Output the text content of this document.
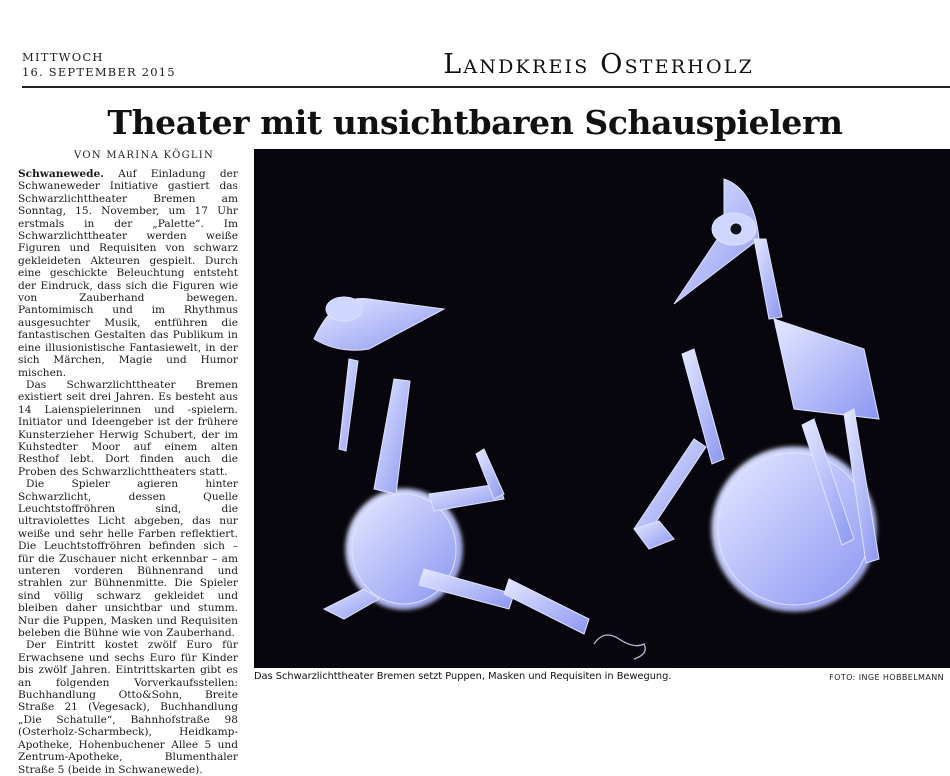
MITTWOCH
16. SEPTEMBER 2015	Landkreis Osterholz
Theater mit unsichtbaren Schauspielern
VON MARINA KÖGLIN

Schwanewede. Auf Einladung der Schwaneweder Initiative gastiert das Schwarzlichttheater Bremen am Sonntag, 15. November, um 17 Uhr erstmals in der „Palette“. Im Schwarzlichttheater werden weiße Figuren und Requisiten von schwarz gekleideten Akteuren gespielt. Durch eine geschickte Beleuchtung entsteht der Eindruck, dass sich die Figuren wie von Zauberhand bewegen. Pantomimisch und im Rhythmus ausgesuchter Musik, entführen die fantastischen Gestalten das Publikum in eine illusionistische Fantasiewelt, in der sich Märchen, Magie und Humor mischen.

Das Schwarzlichttheater Bremen existiert seit drei Jahren. Es besteht aus 14 Laienspielerinnen und -spielern. Initiator und Ideengeber ist der frühere Kunsterzieher Herwig Schubert, der im Kuhstedter Moor auf einem alten Resthof lebt. Dort finden auch die Proben des Schwarzlichttheaters statt.

Die Spieler agieren hinter Schwarzlicht, dessen Quelle Leuchtstoffröhren sind, die ultraviolettes Licht abgeben, das nur weiße und sehr helle Farben reflektiert. Die Leuchtstoffröhren befinden sich – für die Zuschauer nicht erkennbar – am unteren vorderen Bühnenrand und strahlen zur Bühnenmitte. Die Spieler sind völlig schwarz gekleidet und bleiben daher unsichtbar und stumm. Nur die Puppen, Masken und Requisiten beleben die Bühne wie von Zauberhand.

Der Eintritt kostet zwölf Euro für Erwachsene und sechs Euro für Kinder bis zwölf Jahren. Eintrittskarten gibt es an folgenden Vorverkaufsstellen: Buchhandlung Otto&Sohn, Breite Straße 21 (Vegesack), Buchhandlung „Die Schatulle“, Bahnhofstraße 98 (Osterholz-Scharmbeck), Heidkamp-Apotheke, Hohenbuchener Allee 5 und Zentrum-Apotheke, Blumenthaler Straße 5 (beide in Schwanewede).

Das Schwarzlichttheater Bremen setzt Puppen, Masken und Requisiten in Bewegung.	FOTO: INGE HOBBELMANN
